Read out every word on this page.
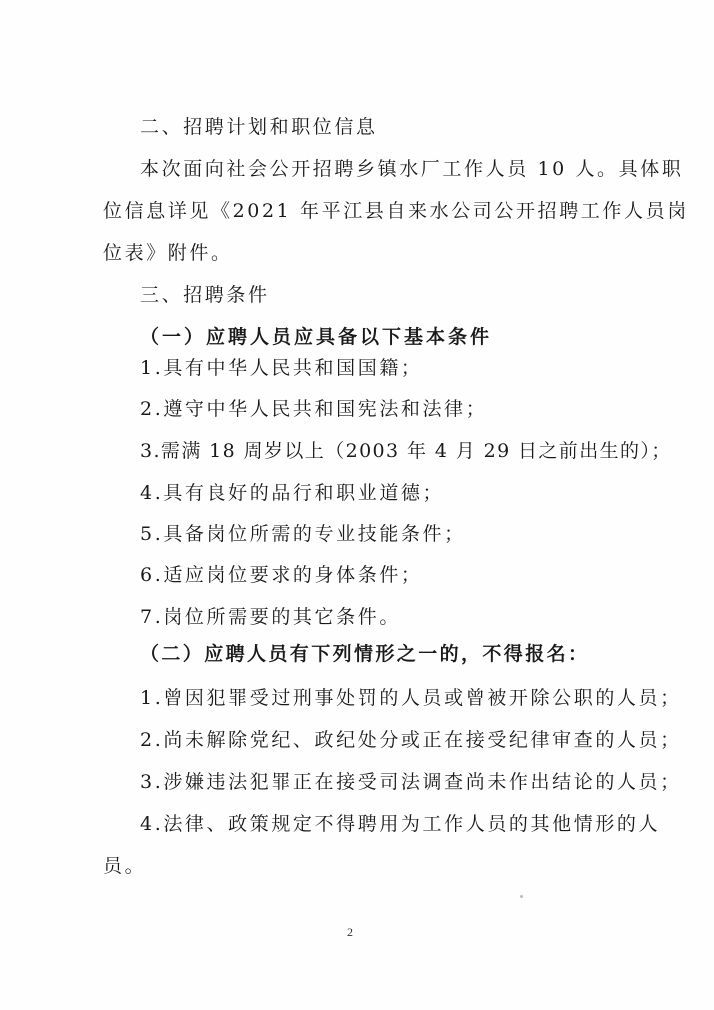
二、招聘计划和职位信息
本次面向社会公开招聘乡镇水厂工作人员 10 人。具体职
位信息详见《2021 年平江县自来水公司公开招聘工作人员岗
位表》附件。
三、招聘条件
（一）应聘人员应具备以下基本条件
1.具有中华人民共和国国籍；
2.遵守中华人民共和国宪法和法律；
3.需满 18 周岁以上（2003 年 4 月 29 日之前出生的）；
4.具有良好的品行和职业道德；
5.具备岗位所需的专业技能条件；
6.适应岗位要求的身体条件；
7.岗位所需要的其它条件。
（二）应聘人员有下列情形之一的，不得报名：
1.曾因犯罪受过刑事处罚的人员或曾被开除公职的人员；
2.尚未解除党纪、政纪处分或正在接受纪律审查的人员；
3.涉嫌违法犯罪正在接受司法调查尚未作出结论的人员；
4.法律、政策规定不得聘用为工作人员的其他情形的人
员。
2
